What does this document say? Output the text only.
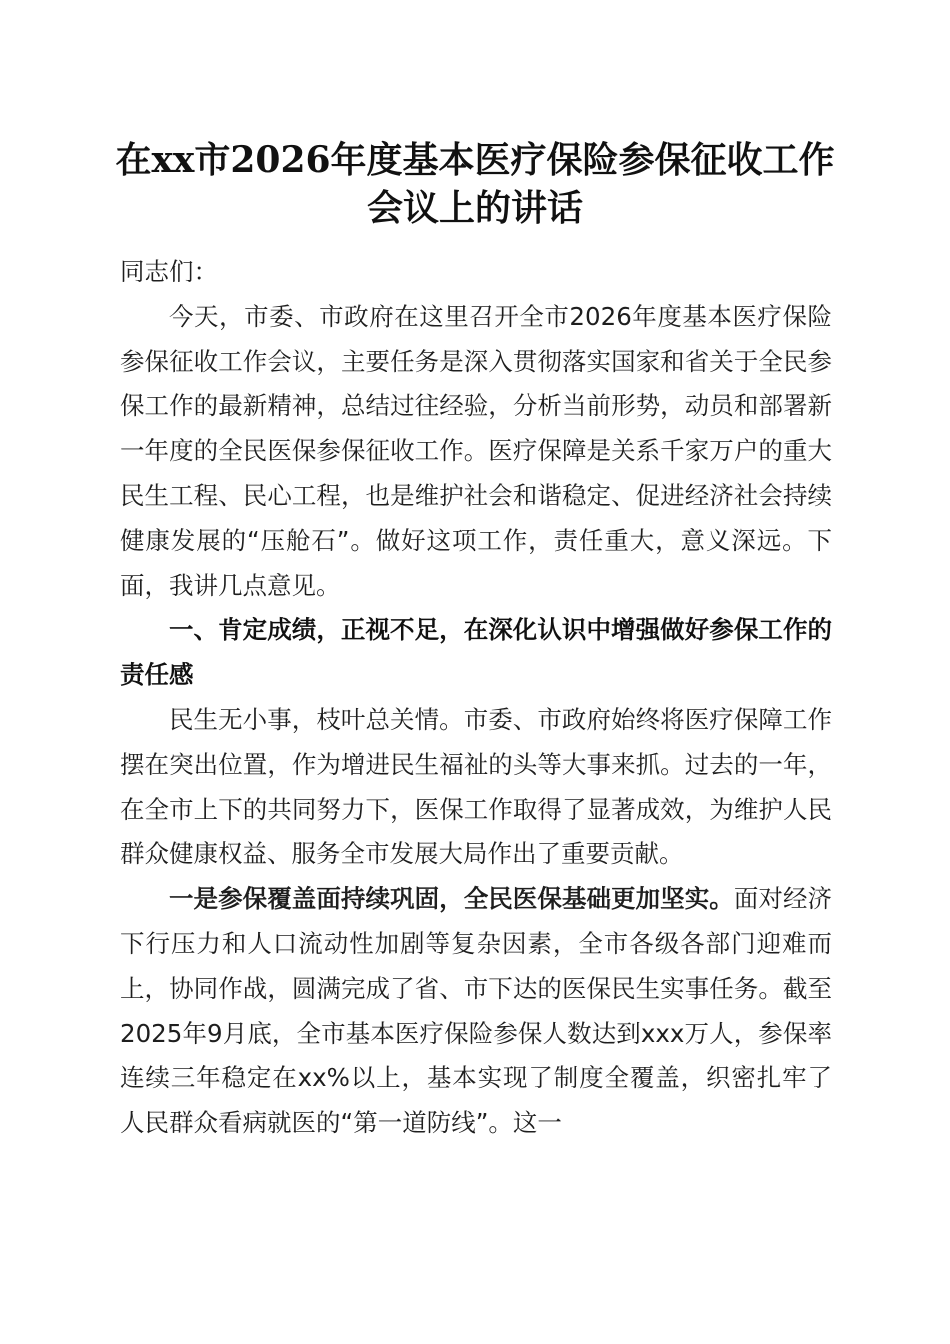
在xx市2026年度基本医疗保险参保征收工作
会议上的讲话

同志们：

今天，市委、市政府在这里召开全市2026年度基本医疗保险参保征收工作会议，主要任务是深入贯彻落实国家和省关于全民参保工作的最新精神，总结过往经验，分析当前形势，动员和部署新一年度的全民医保参保征收工作。医疗保障是关系千家万户的重大民生工程、民心工程，也是维护社会和谐稳定、促进经济社会持续健康发展的“压舱石”。做好这项工作，责任重大，意义深远。下面，我讲几点意见。

一、肯定成绩，正视不足，在深化认识中增强做好参保工作的责任感

民生无小事，枝叶总关情。市委、市政府始终将医疗保障工作摆在突出位置，作为增进民生福祉的头等大事来抓。过去的一年，在全市上下的共同努力下，医保工作取得了显著成效，为维护人民群众健康权益、服务全市发展大局作出了重要贡献。

一是参保覆盖面持续巩固，全民医保基础更加坚实。面对经济下行压力和人口流动性加剧等复杂因素，全市各级各部门迎难而上，协同作战，圆满完成了省、市下达的医保民生实事任务。截至2025年9月底，全市基本医疗保险参保人数达到xxx万人，参保率连续三年稳定在xx%以上，基本实现了制度全覆盖，织密扎牢了人民群众看病就医的“第一道防线”。这一
